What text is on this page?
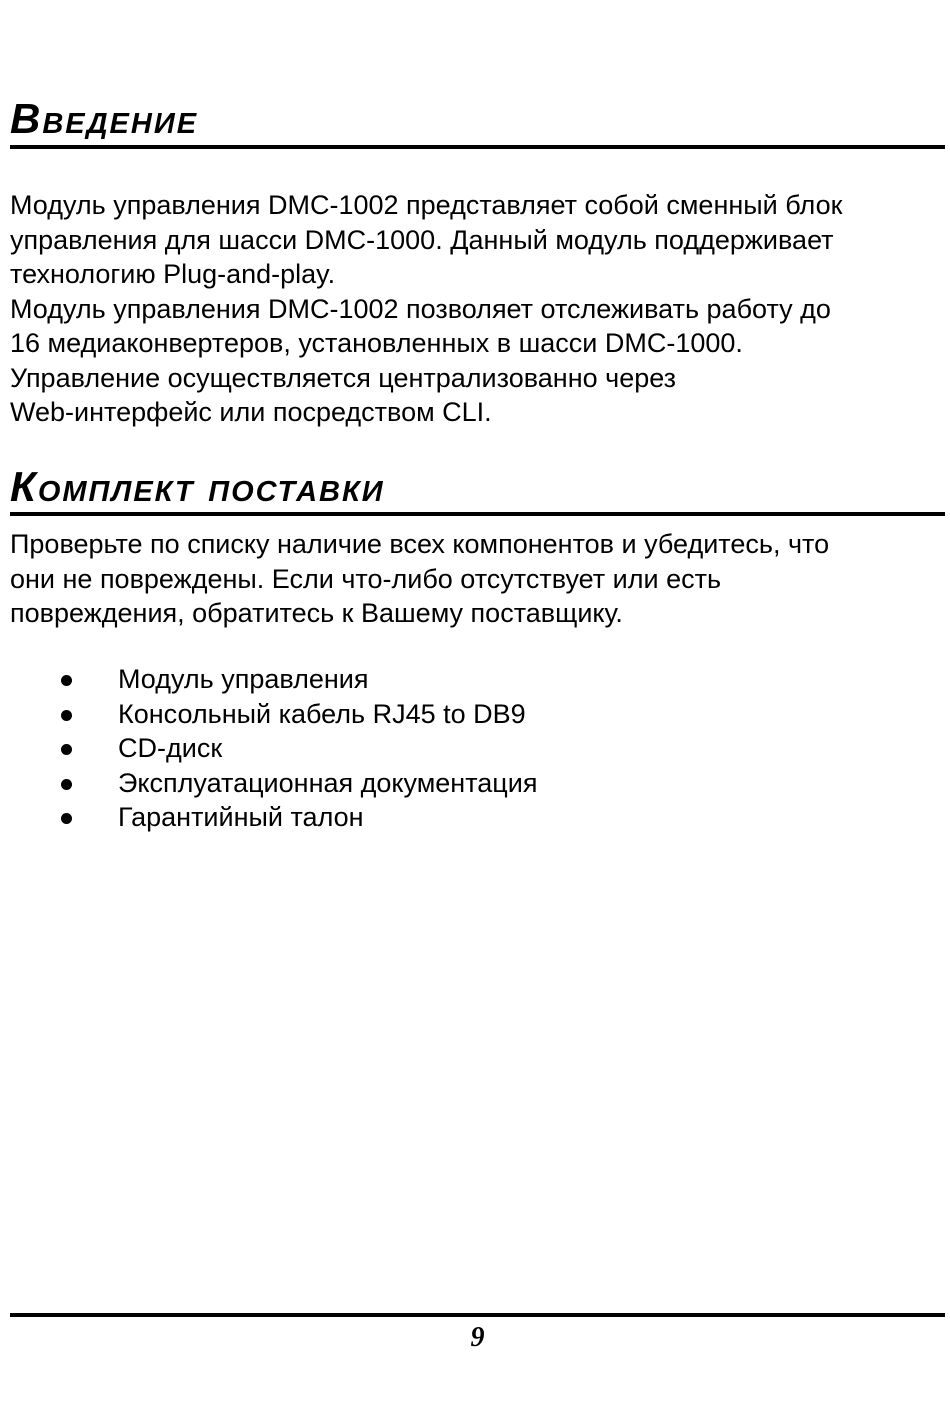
Введение

Модуль управления DMC-1002 представляет собой сменный блок
управления для шасси DMC-1000. Данный модуль поддерживает
технологию Plug-and-play.
Модуль управления DMC-1002 позволяет отслеживать работу до
16 медиаконвертеров, установленных в шасси DMC-1000.
Управление осуществляется централизованно через
Web-интерфейс или посредством CLI.

Комплект поставки

Проверьте по списку наличие всех компонентов и убедитесь, что
они не повреждены. Если что-либо отсутствует или есть
повреждения, обратитесь к Вашему поставщику.

Модуль управления
Консольный кабель RJ45 to DB9
CD-диск
Эксплуатационная документация
Гарантийный талон
9
